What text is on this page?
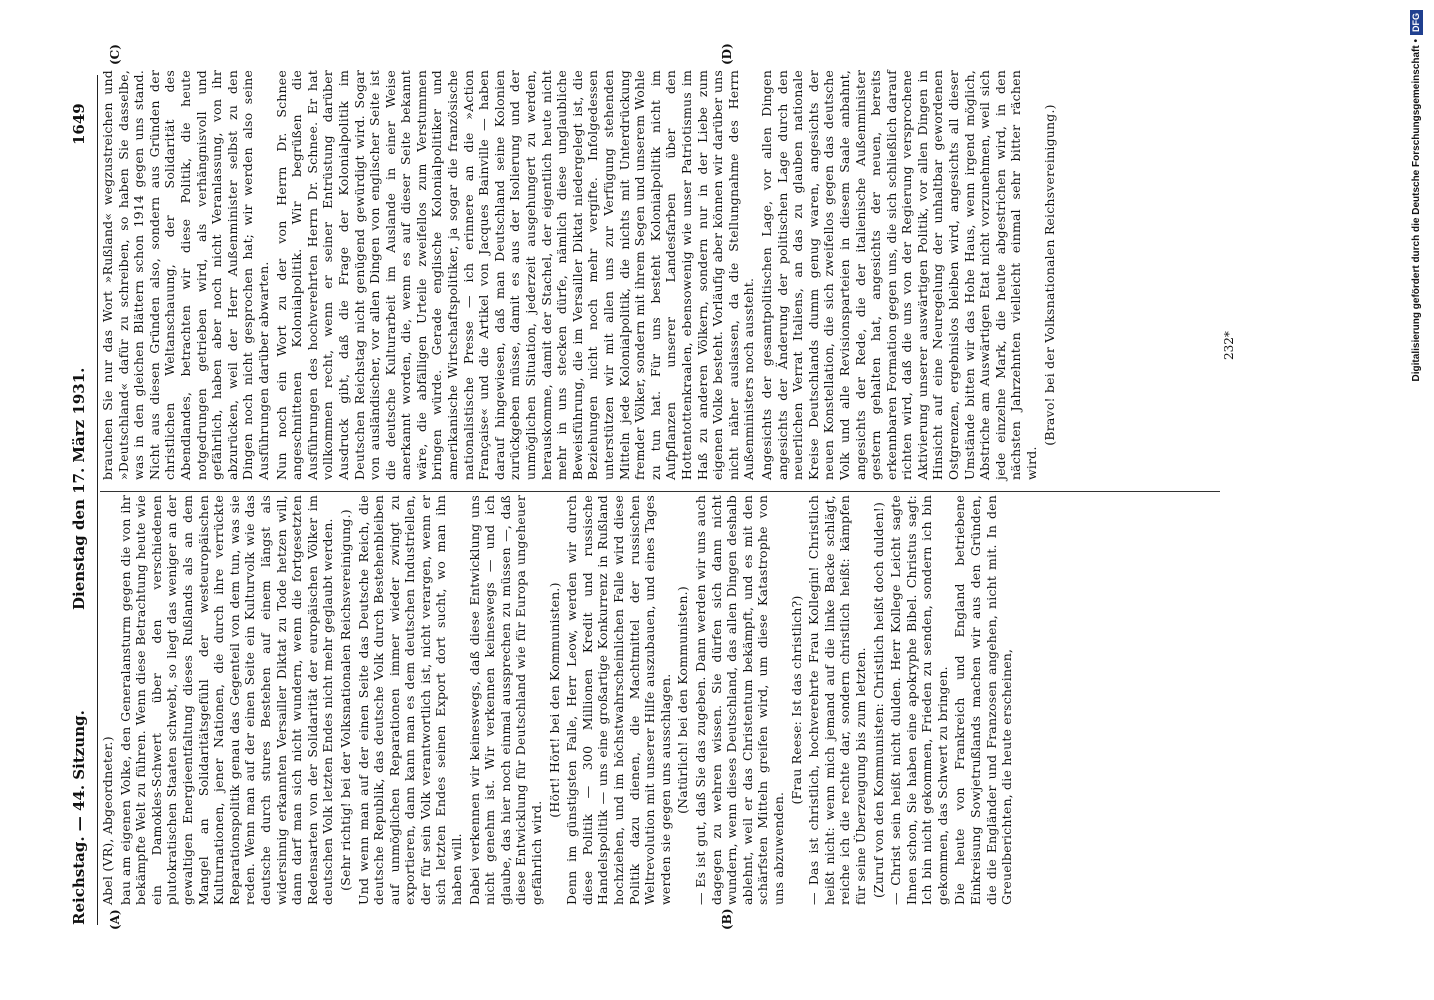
Reichstag. — 44. Sitzung.
Dienstag den 17. März 1931.
1649
(A)	(B)
(C)	(D)

Abel (VR), Abgeordneter.) bau am eigenen Volke, den Generalansturm gegen die von ihr bekämpfte Welt zu führen. Wenn diese Betrachtung heute wie ein Damokles-Schwert über den verschiedenen plutokratischen Staaten schwebt, so liegt das weniger an der gewaltigen Energieentfaltung dieses Rußlands als an dem Mangel an Solidaritätsgefühl der westeuropäischen Kulturnationen, jener Nationen, die durch ihre verrückte Reparationspolitik genau das Gegenteil von dem tun, was sie reden. Wenn man auf der einen Seite ein Kulturvolk wie das deutsche durch stures Bestehen auf einem längst als widersinnig erkannten Versailler Diktat zu Tode hetzen will, dann darf man sich nicht wundern, wenn die fortgesetzten Redensarten von der Solidarität der europäischen Völker im deutschen Volk letzten Endes nicht mehr geglaubt werden. (Sehr richtig! bei der Volksnationalen Reichsvereinigung.) Und wenn man auf der einen Seite das Deutsche Reich, die deutsche Republik, das deutsche Volk durch Bestehenbleiben auf unmöglichen Reparationen immer wieder zwingt zu exportieren, dann kann man es dem deutschen Industriellen, der für sein Volk verantwortlich ist, nicht verargen, wenn er sich letzten Endes seinen Export dort sucht, wo man ihn haben will. Dabei verkennen wir keineswegs, daß diese Entwicklung uns nicht genehm ist. Wir verkennen keineswegs — und ich glaube, das hier noch einmal aussprechen zu müssen —, daß diese Entwicklung für Deutschland wie für Europa ungeheuer gefährlich wird.

(Hört! Hört! bei den Kommunisten.) Denn im günstigsten Falle, Herr Leow, werden wir durch diese Politik — 300 Millionen Kredit und russische Handelspolitik — uns eine großartige Konkurrenz in Rußland hochziehen, und im höchstwahrscheinlichen Falle wird diese Politik dazu dienen, die Machtmittel der russischen Weltrevolution mit unserer Hilfe auszubauen, und eines Tages werden sie gegen uns ausschlagen. (Natürlich! bei den Kommunisten.) — Es ist gut, daß Sie das zugeben. Dann werden wir uns auch dagegen zu wehren wissen. Sie dürfen sich dann nicht wundern, wenn dieses Deutschland, das allen Dingen deshalb ablehnt, weil er das Christentum bekämpft, und es mit den schärfsten Mitteln greifen wird, um diese Katastrophe von uns abzuwenden.

(Frau Reese: Ist das christlich?) — Das ist christlich, hochverehrte Frau Kollegin! Christlich heißt nicht: wenn mich jemand auf die linke Backe schlägt, reiche ich die rechte dar, sondern christlich heißt: kämpfen für seine Überzeugung bis zum letzten. (Zuruf von den Kommunisten: Christlich heißt doch dulden!) — Christ sein heißt nicht dulden. Herr Kollege Leicht sagte Ihnen schon, Sie haben eine apokryphe Bibel. Christus sagt: Ich bin nicht gekommen, Frieden zu senden, sondern ich bin gekommen, das Schwert zu bringen. Die heute von Frankreich und England betriebene Einkreisung Sowjetrußlands machen wir aus den Gründen, die die Engländer und Franzosen angehen, nicht mit. In den Greuelberichten, die heute erscheinen,

brauchen Sie nur das Wort »Rußland« wegzustreichen und »Deutschland« dafür zu schreiben, so haben Sie dasselbe, was in den gleichen Blättern schon 1914 gegen uns stand. Nicht aus diesen Gründen also, sondern aus Gründen der christlichen Weltanschauung, der Solidarität des Abendlandes, betrachten wir diese Politik, die heute notgedrungen getrieben wird, als verhängnisvoll und gefährlich, haben aber noch nicht Veranlassung, von ihr abzurücken, weil der Herr Außenminister selbst zu den Dingen noch nicht gesprochen hat; wir werden also seine Ausführungen darüber abwarten. Nun noch ein Wort zu der von Herrn Dr. Schnee angeschnittenen Kolonialpolitik. Wir begrüßen die Ausführungen des hochverehrten Herrn Dr. Schnee. Er hat vollkommen recht, wenn er seiner Entrüstung darüber Ausdruck gibt, daß die Frage der Kolonialpolitik im Deutschen Reichstag nicht genügend gewürdigt wird. Sogar von ausländischer, vor allen Dingen von englischer Seite ist die deutsche Kulturarbeit im Auslande in einer Weise anerkannt worden, die, wenn es auf dieser Seite bekannt wäre, die abfälligen Urteile zweifellos zum Verstummen bringen würde. Gerade englische Kolonialpolitiker und amerikanische Wirtschaftspolitiker, ja sogar die französische nationalistische Presse — ich erinnere an die »Action Française« und die Artikel von Jacques Bainville — haben darauf hingewiesen, daß man Deutschland seine Kolonien zurückgeben müsse, damit es aus der Isolierung und der unmöglichen Situation, jederzeit ausgehungert zu werden, herauskomme, damit der Stachel, der eigentlich heute nicht mehr in uns stecken dürfe, nämlich diese unglaubliche Beweisführung, die im Versailler Diktat niedergelegt ist, die Beziehungen nicht noch mehr vergifte. Infolgedessen unterstützen wir mit allen uns zur Verfügung stehenden Mitteln jede Kolonialpolitik, die nichts mit Unterdrückung fremder Völker, sondern mit ihrem Segen und unserem Wohle zu tun hat. Für uns besteht Kolonialpolitik nicht im Aufpflanzen unserer Landesfarben über den Hottentottenkraalen, ebensowenig wie unser Patriotismus im Haß zu anderen Völkern, sondern nur in der Liebe zum eigenen Volke besteht. Vorläufig aber können wir darüber uns nicht näher auslassen, da die Stellungnahme des Herrn Außenministers noch aussteht. Angesichts der gesamtpolitischen Lage, vor allen Dingen angesichts der Änderung der politischen Lage durch den neuerlichen Verrat Italiens, an das zu glauben nationale Kreise Deutschlands dumm genug waren, angesichts der neuen Konstellation, die sich zweifellos gegen das deutsche Volk und alle Revisionsparteien in diesem Saale anbahnt, angesichts der Rede, die der italienische Außenminister gestern gehalten hat, angesichts der neuen, bereits erkennbaren Formation gegen uns, die sich schließlich darauf richten wird, daß die uns von der Regierung versprochene Aktivierung unserer auswärtigen Politik, vor allen Dingen in Hinsicht auf eine Neuregelung der unhaltbar gewordenen Ostgrenzen, ergebnislos bleiben wird, angesichts all dieser Umstände bitten wir das Hohe Haus, wenn irgend möglich, Abstriche am Auswärtigen Etat nicht vorzunehmen, weil sich jede einzelne Mark, die heute abgestrichen wird, in den nächsten Jahrzehnten vielleicht einmal sehr bitter rächen wird.

(Bravo! bei der Volksnationalen Reichsvereinigung.)	232*	Digitalisierung gefördert durch die Deutsche Forschungsgemeinschaft •DFG
